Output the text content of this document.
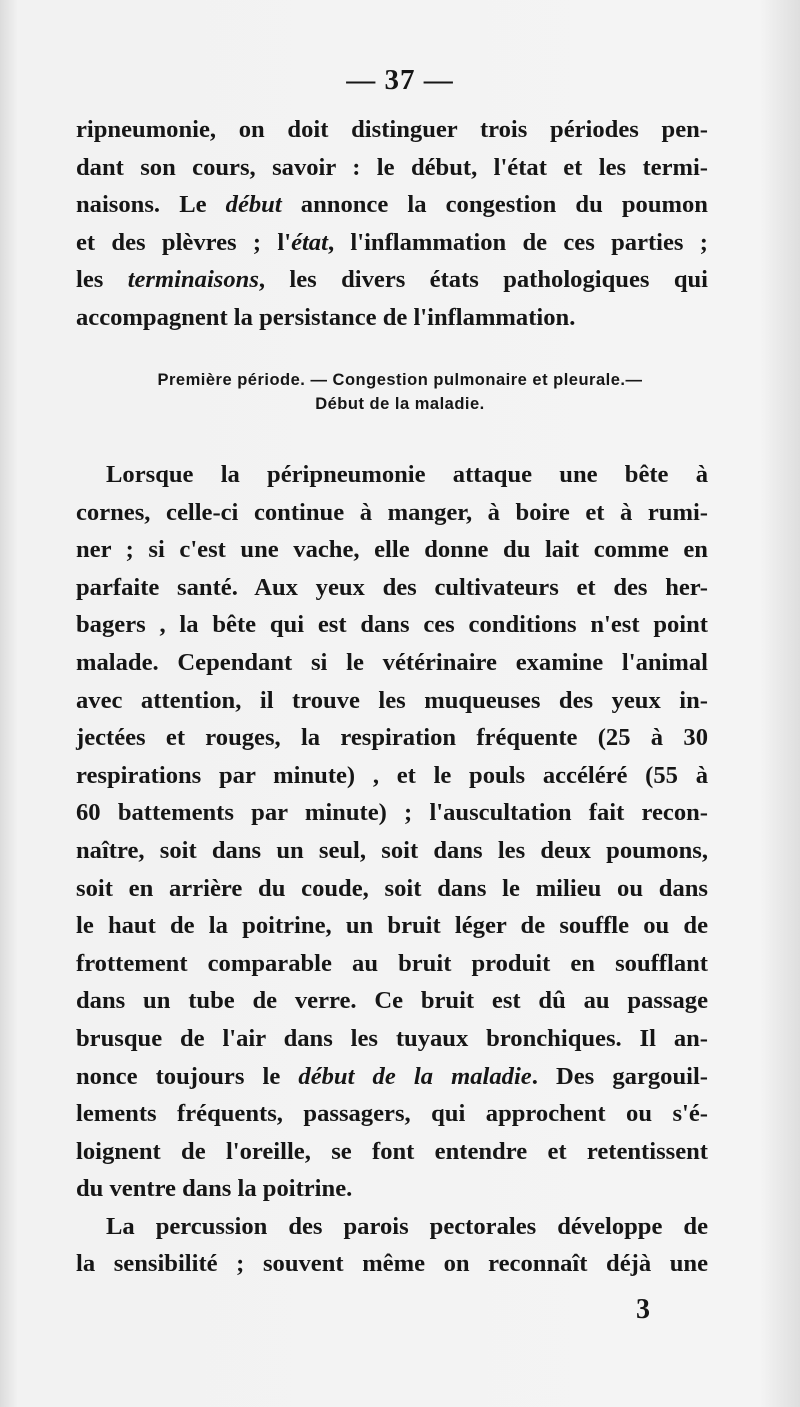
— 37 —
ripneumonie, on doit distinguer trois périodes pen-
dant son cours, savoir : le début, l'état et les termi-
naisons. Le début annonce la congestion du poumon
et des plèvres ; l'état, l'inflammation de ces parties ;
les terminaisons, les divers états pathologiques qui
accompagnent la persistance de l'inflammation.
Première période. — Congestion pulmonaire et pleurale.—
Début de la maladie.
Lorsque la péripneumonie attaque une bête à
cornes, celle-ci continue à manger, à boire et à rumi-
ner ; si c'est une vache, elle donne du lait comme en
parfaite santé. Aux yeux des cultivateurs et des her-
bagers , la bête qui est dans ces conditions n'est point
malade. Cependant si le vétérinaire examine l'animal
avec attention, il trouve les muqueuses des yeux in-
jectées et rouges, la respiration fréquente (25 à 30
respirations par minute) , et le pouls accéléré (55 à
60 battements par minute) ; l'auscultation fait recon-
naître, soit dans un seul, soit dans les deux poumons,
soit en arrière du coude, soit dans le milieu ou dans
le haut de la poitrine, un bruit léger de souffle ou de
frottement comparable au bruit produit en soufflant
dans un tube de verre. Ce bruit est dû au passage
brusque de l'air dans les tuyaux bronchiques. Il an-
nonce toujours le début de la maladie. Des gargouil-
lements fréquents, passagers, qui approchent ou s'é-
loignent de l'oreille, se font entendre et retentissent
du ventre dans la poitrine.
La percussion des parois pectorales développe de
la sensibilité ; souvent même on reconnaît déjà une
3
